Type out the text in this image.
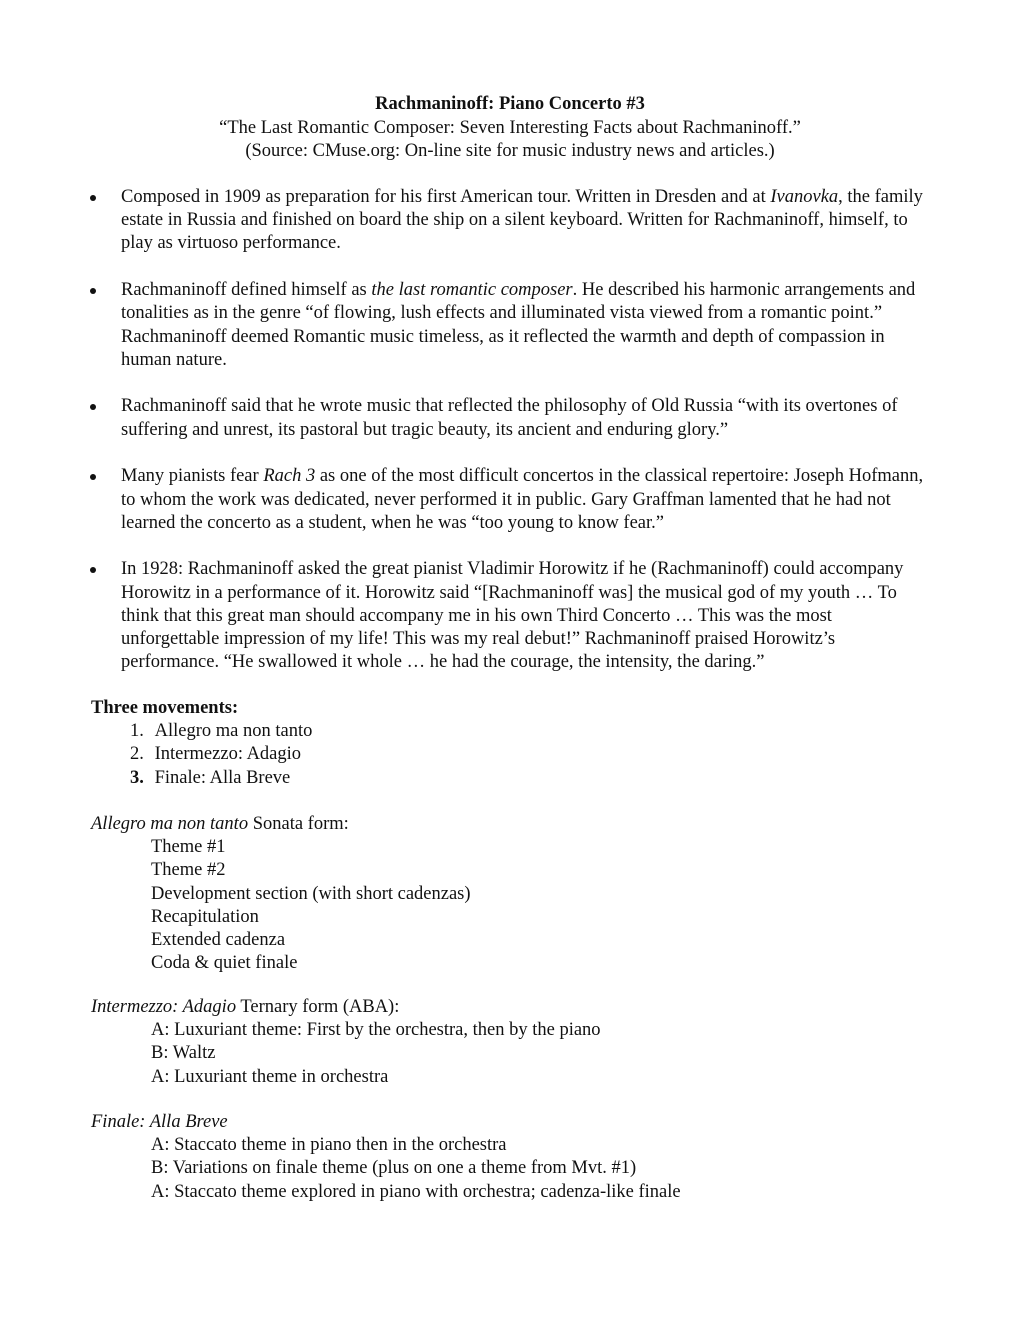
Rachmaninoff: Piano Concerto #3
“The Last Romantic Composer: Seven Interesting Facts about Rachmaninoff.”
(Source: CMuse.org: On-line site for music industry news and articles.)
Composed in 1909 as preparation for his first American tour. Written in Dresden and at Ivanovka, the family estate in Russia and finished on board the ship on a silent keyboard. Written for Rachmaninoff, himself, to play as virtuoso performance.
Rachmaninoff defined himself as the last romantic composer. He described his harmonic arrangements and tonalities as in the genre “of flowing, lush effects and illuminated vista viewed from a romantic point.” Rachmaninoff deemed Romantic music timeless, as it reflected the warmth and depth of compassion in human nature.
Rachmaninoff said that he wrote music that reflected the philosophy of Old Russia “with its overtones of suffering and unrest, its pastoral but tragic beauty, its ancient and enduring glory.”
Many pianists fear Rach 3 as one of the most difficult concertos in the classical repertoire: Joseph Hofmann, to whom the work was dedicated, never performed it in public. Gary Graffman lamented that he had not learned the concerto as a student, when he was “too young to know fear.”
In 1928: Rachmaninoff asked the great pianist Vladimir Horowitz if he (Rachmaninoff) could accompany Horowitz in a performance of it. Horowitz said “[Rachmaninoff was] the musical god of my youth … To think that this great man should accompany me in his own Third Concerto … This was the most unforgettable impression of my life! This was my real debut!” Rachmaninoff praised Horowitz’s performance. “He swallowed it whole … he had the courage, the intensity, the daring.”
Three movements:
1. Allegro ma non tanto
2. Intermezzo: Adagio
3. Finale: Alla Breve
Allegro ma non tanto Sonata form:
Theme #1
Theme #2
Development section (with short cadenzas)
Recapitulation
Extended cadenza
Coda & quiet finale
Intermezzo: Adagio Ternary form (ABA):
A: Luxuriant theme: First by the orchestra, then by the piano
B: Waltz
A: Luxuriant theme in orchestra
Finale: Alla Breve
A: Staccato theme in piano then in the orchestra
B: Variations on finale theme (plus on one a theme from Mvt. #1)
A: Staccato theme explored in piano with orchestra; cadenza-like finale
